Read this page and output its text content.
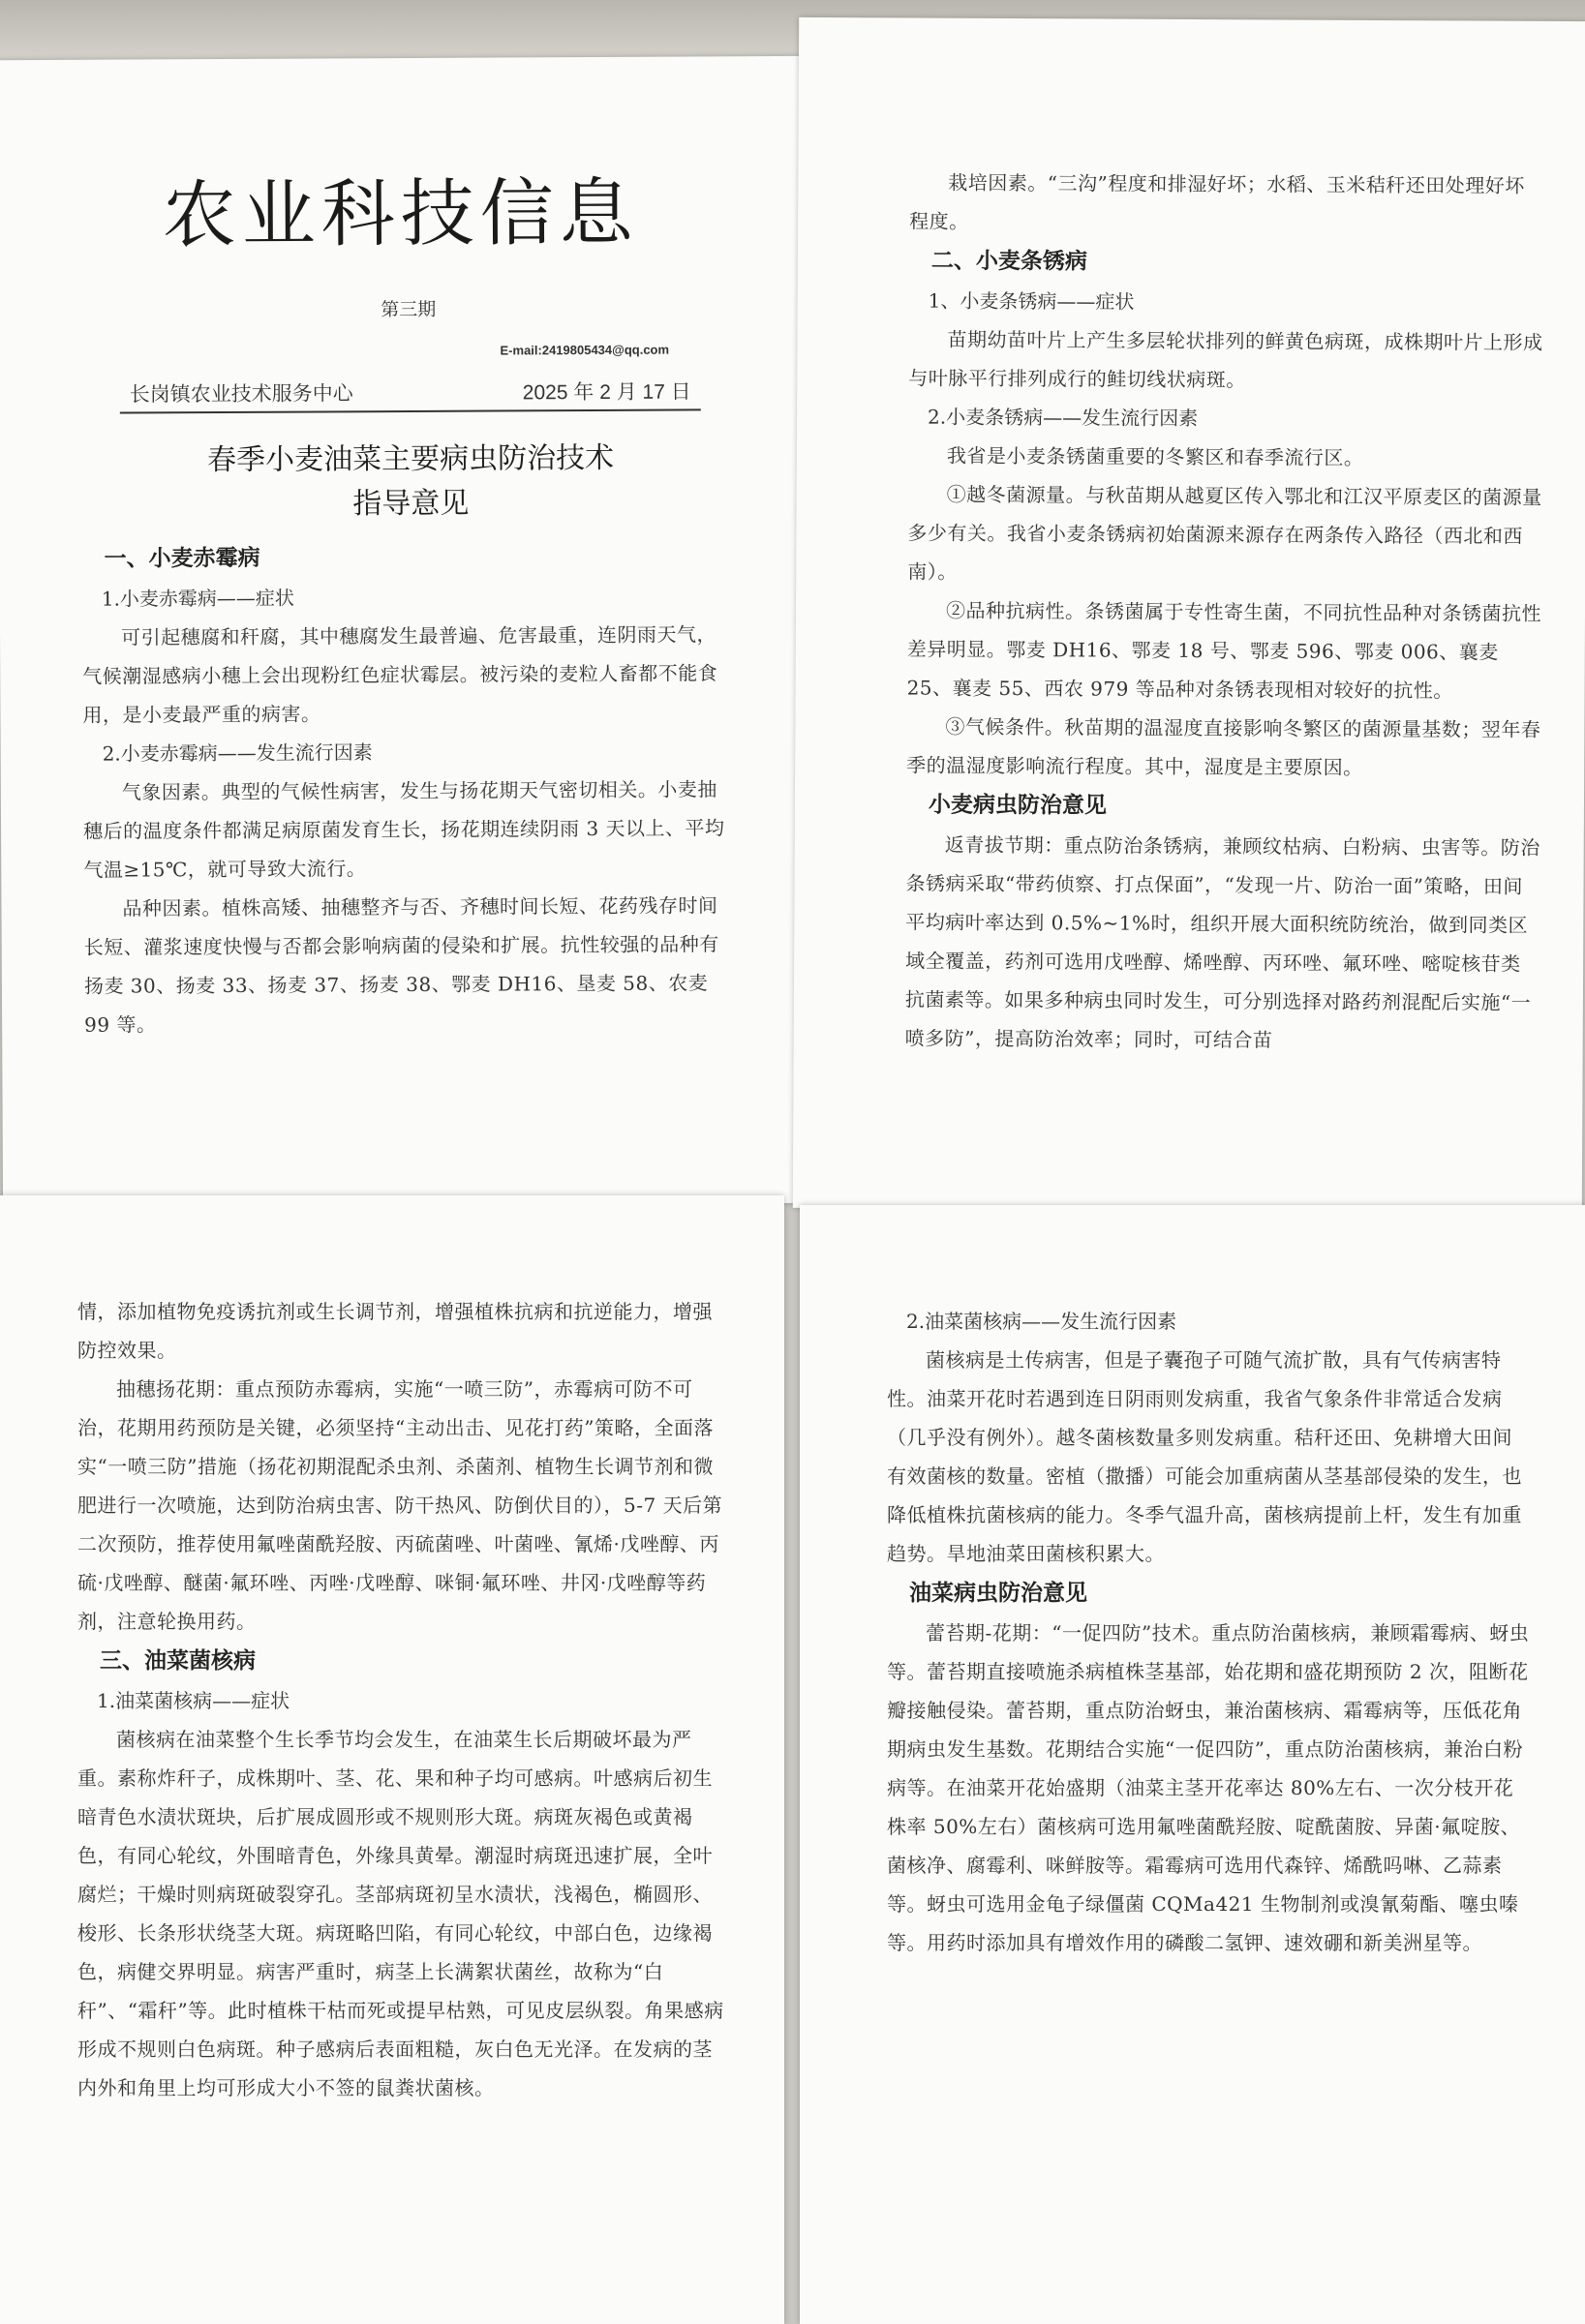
农业科技信息

第三期

E-mail:2419805434@qq.com

长岗镇农业技术服务中心	2025 年 2 月 17 日

春季小麦油菜主要病虫防治技术
指导意见

一、小麦赤霉病

1.小麦赤霉病——症状

可引起穗腐和秆腐，其中穗腐发生最普遍、危害最重，连阴雨天气，气候潮湿感病小穗上会出现粉红色症状霉层。被污染的麦粒人畜都不能食用，是小麦最严重的病害。

2.小麦赤霉病——发生流行因素

气象因素。典型的气候性病害，发生与扬花期天气密切相关。小麦抽穗后的温度条件都满足病原菌发育生长，扬花期连续阴雨 3 天以上、平均气温≥15℃，就可导致大流行。

品种因素。植株高矮、抽穗整齐与否、齐穗时间长短、花药残存时间长短、灌浆速度快慢与否都会影响病菌的侵染和扩展。抗性较强的品种有扬麦 30、扬麦 33、扬麦 37、扬麦 38、鄂麦 DH16、垦麦 58、农麦 99 等。

栽培因素。“三沟”程度和排湿好坏；水稻、玉米秸秆还田处理好坏程度。

二、小麦条锈病

1、小麦条锈病——症状

苗期幼苗叶片上产生多层轮状排列的鲜黄色病斑，成株期叶片上形成与叶脉平行排列成行的鲑切线状病斑。

2.小麦条锈病——发生流行因素

我省是小麦条锈菌重要的冬繁区和春季流行区。

①越冬菌源量。与秋苗期从越夏区传入鄂北和江汉平原麦区的菌源量多少有关。我省小麦条锈病初始菌源来源存在两条传入路径（西北和西南）。

②品种抗病性。条锈菌属于专性寄生菌，不同抗性品种对条锈菌抗性差异明显。鄂麦 DH16、鄂麦 18 号、鄂麦 596、鄂麦 006、襄麦 25、襄麦 55、西农 979 等品种对条锈表现相对较好的抗性。

③气候条件。秋苗期的温湿度直接影响冬繁区的菌源量基数；翌年春季的温湿度影响流行程度。其中，湿度是主要原因。

小麦病虫防治意见

返青拔节期：重点防治条锈病，兼顾纹枯病、白粉病、虫害等。防治条锈病采取“带药侦察、打点保面”，“发现一片、防治一面”策略，田间平均病叶率达到 0.5%~1%时，组织开展大面积统防统治，做到同类区域全覆盖，药剂可选用戊唑醇、烯唑醇、丙环唑、氟环唑、嘧啶核苷类抗菌素等。如果多种病虫同时发生，可分别选择对路药剂混配后实施“一喷多防”，提高防治效率；同时，可结合苗

情，添加植物免疫诱抗剂或生长调节剂，增强植株抗病和抗逆能力，增强防控效果。

抽穗扬花期：重点预防赤霉病，实施“一喷三防”，赤霉病可防不可治，花期用药预防是关键，必须坚持“主动出击、见花打药”策略，全面落实“一喷三防”措施（扬花初期混配杀虫剂、杀菌剂、植物生长调节剂和微肥进行一次喷施，达到防治病虫害、防干热风、防倒伏目的），5-7 天后第二次预防，推荐使用氟唑菌酰羟胺、丙硫菌唑、叶菌唑、氰烯·戊唑醇、丙硫·戊唑醇、醚菌·氟环唑、丙唑·戊唑醇、咪铜·氟环唑、井冈·戊唑醇等药剂，注意轮换用药。

三、油菜菌核病

1.油菜菌核病——症状

菌核病在油菜整个生长季节均会发生，在油菜生长后期破坏最为严重。素称炸秆子，成株期叶、茎、花、果和种子均可感病。叶感病后初生暗青色水渍状斑块，后扩展成圆形或不规则形大斑。病斑灰褐色或黄褐色，有同心轮纹，外围暗青色，外缘具黄晕。潮湿时病斑迅速扩展，全叶腐烂；干燥时则病斑破裂穿孔。茎部病斑初呈水渍状，浅褐色，椭圆形、梭形、长条形状绕茎大斑。病斑略凹陷，有同心轮纹，中部白色，边缘褐色，病健交界明显。病害严重时，病茎上长满絮状菌丝，故称为“白秆”、“霜秆”等。此时植株干枯而死或提早枯熟，可见皮层纵裂。角果感病形成不规则白色病斑。种子感病后表面粗糙，灰白色无光泽。在发病的茎内外和角里上均可形成大小不签的鼠粪状菌核。

2.油菜菌核病——发生流行因素

菌核病是土传病害，但是子囊孢子可随气流扩散，具有气传病害特性。油菜开花时若遇到连日阴雨则发病重，我省气象条件非常适合发病（几乎没有例外）。越冬菌核数量多则发病重。秸秆还田、免耕增大田间有效菌核的数量。密植（撒播）可能会加重病菌从茎基部侵染的发生，也降低植株抗菌核病的能力。冬季气温升高，菌核病提前上杆，发生有加重趋势。旱地油菜田菌核积累大。

油菜病虫防治意见

蕾苔期-花期：“一促四防”技术。重点防治菌核病，兼顾霜霉病、蚜虫等。蕾苔期直接喷施杀病植株茎基部，始花期和盛花期预防 2 次，阻断花瓣接触侵染。蕾苔期，重点防治蚜虫，兼治菌核病、霜霉病等，压低花角期病虫发生基数。花期结合实施“一促四防”，重点防治菌核病，兼治白粉病等。在油菜开花始盛期（油菜主茎开花率达 80%左右、一次分枝开花株率 50%左右）菌核病可选用氟唑菌酰羟胺、啶酰菌胺、异菌·氟啶胺、菌核净、腐霉利、咪鲜胺等。霜霉病可选用代森锌、烯酰吗啉、乙蒜素等。蚜虫可选用金龟子绿僵菌 CQMa421 生物制剂或溴氰菊酯、噻虫嗪等。用药时添加具有增效作用的磷酸二氢钾、速效硼和新美洲星等。
